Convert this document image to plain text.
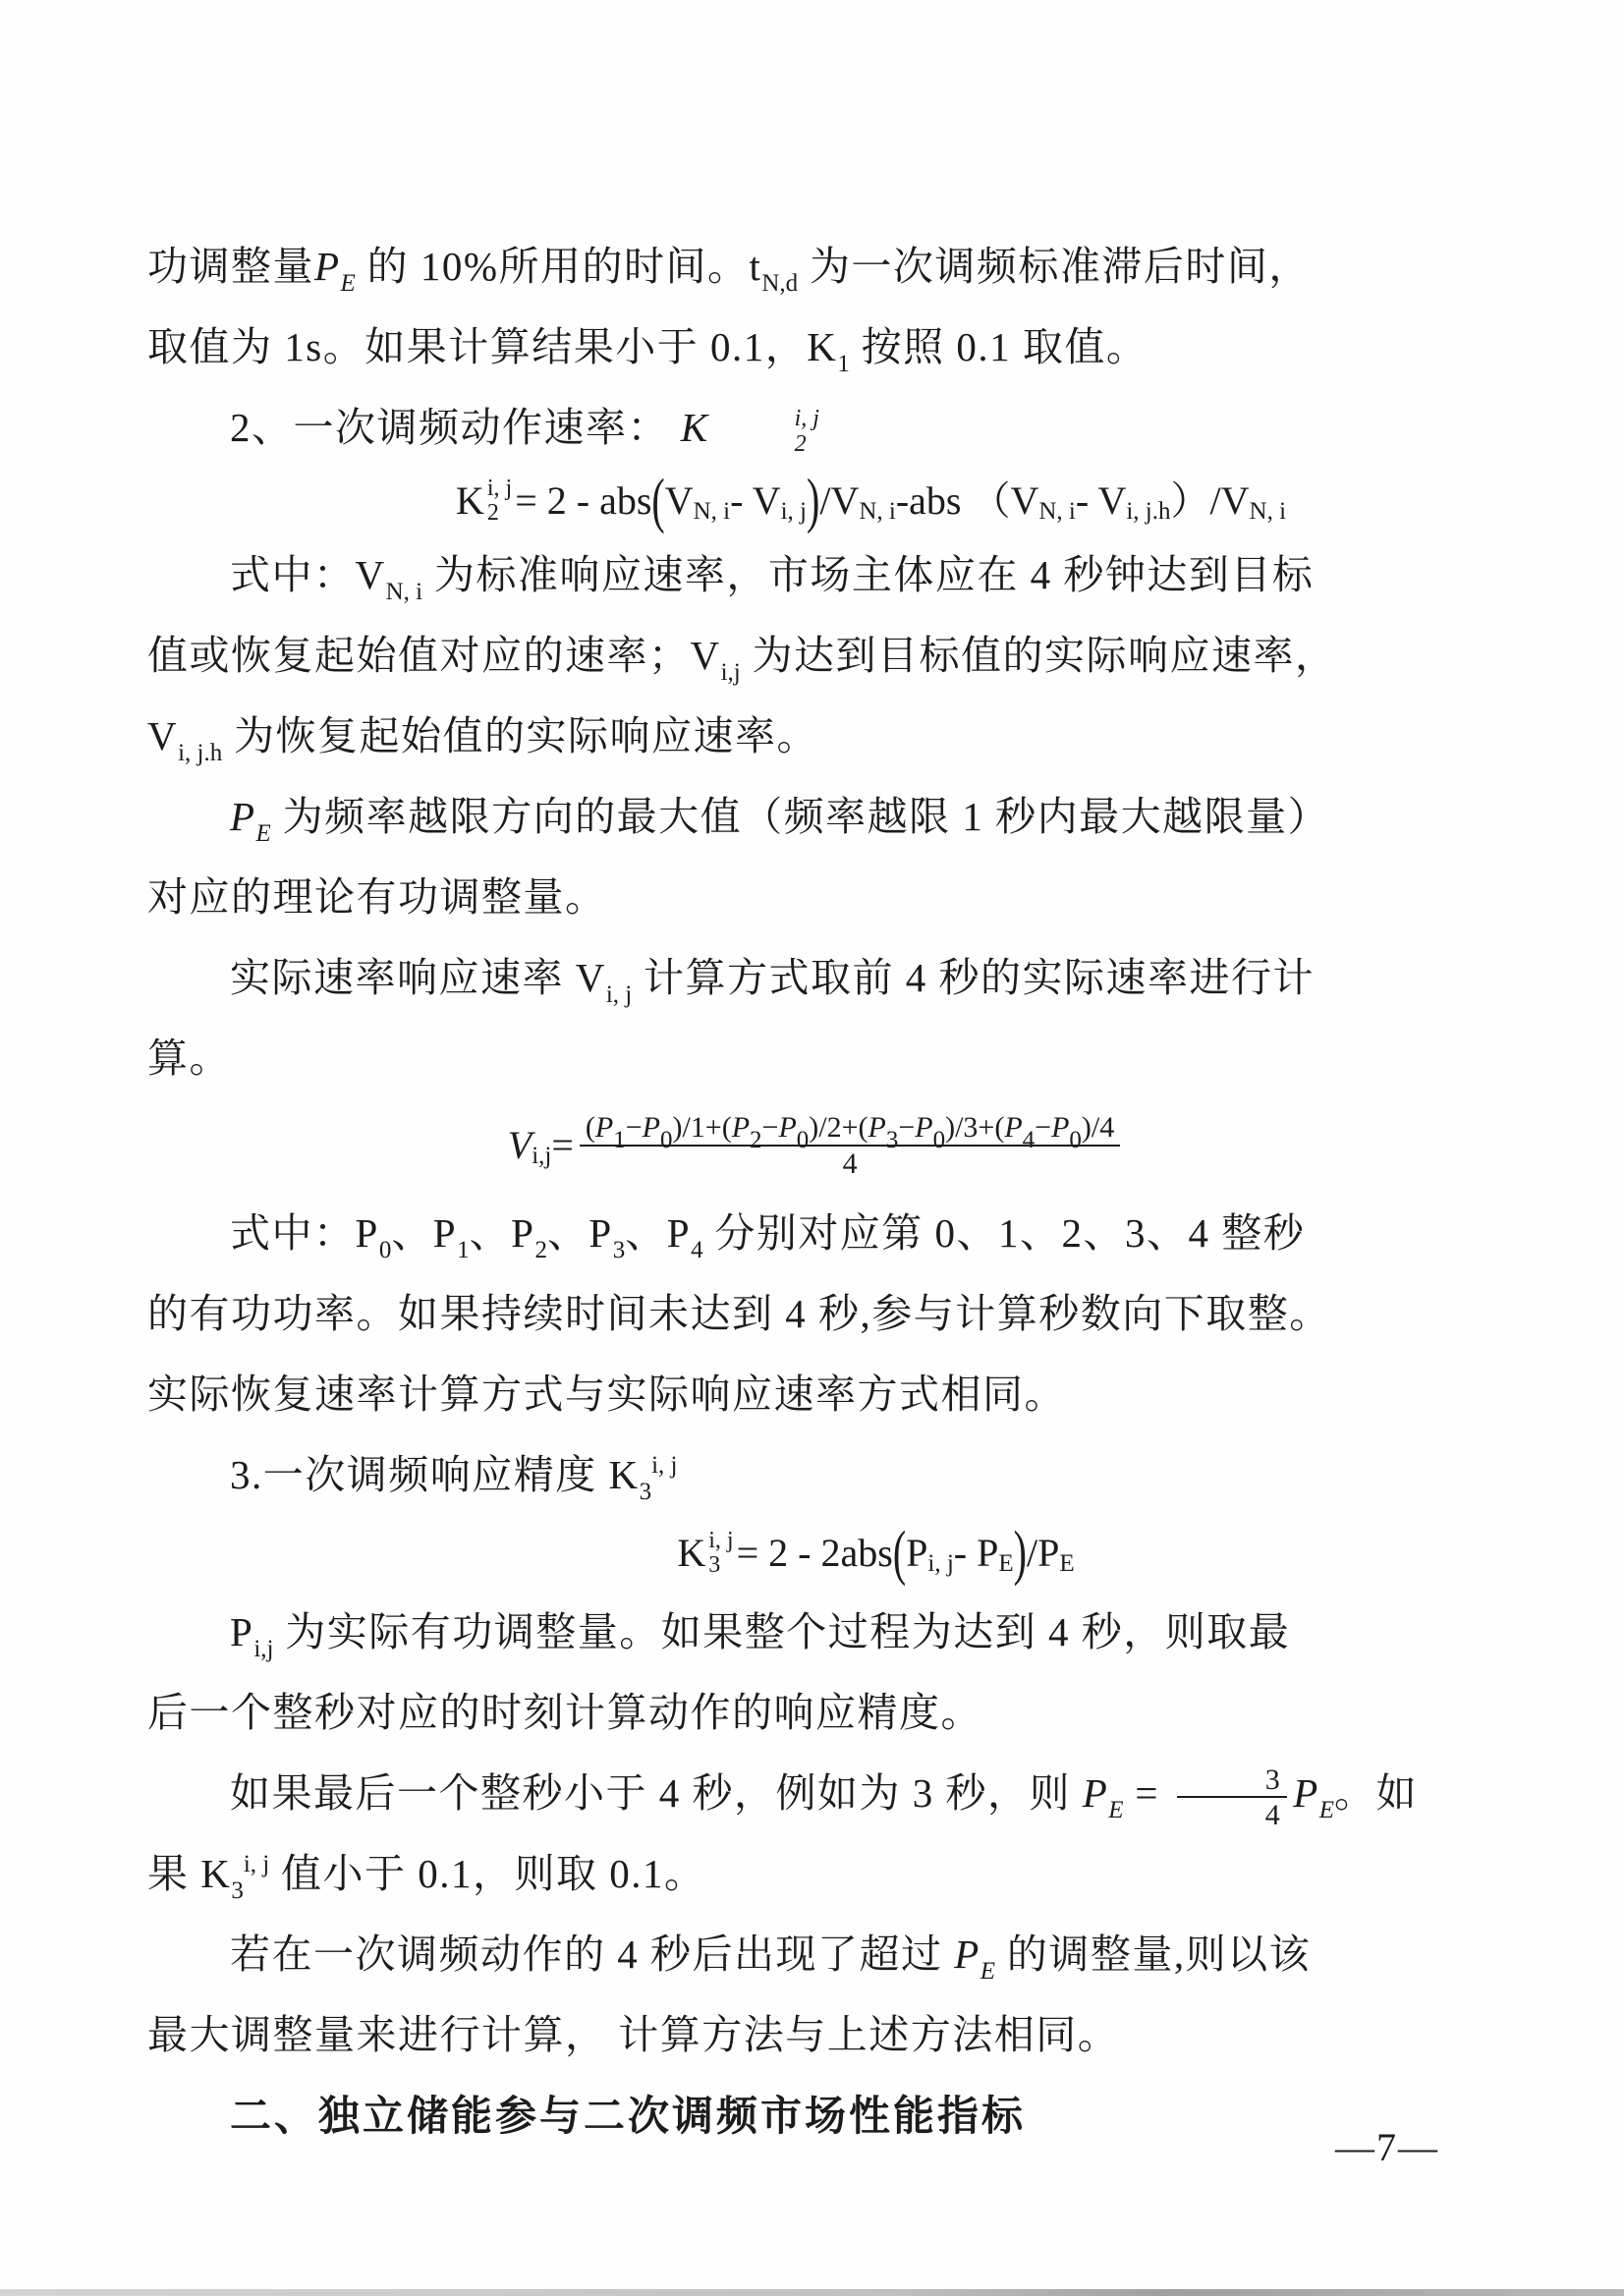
功调整量$P_E$ 的 10%所用的时间。$t_{N,d}$ 为一次调频标准滞后时间，
取值为 1s。如果计算结果小于 0.1，$K_1$ 按照 0.1 取值。
2、一次调频动作速率： K	i, j
2
K i, j
2 = 2 - abs ( V N, i - V i, j ) /V N, i -abs （V N, i - V i, j.h ）/V N, i
式中：$V_{N, i}$ 为标准响应速率，市场主体应在 4 秒钟达到目标
值或恢复起始值对应的速率；$V_{i,j}$ 为达到目标值的实际响应速率，
$V_{i, j.h}$ 为恢复起始值的实际响应速率。
$P_E$ 为频率越限方向的最大值（频率越限 1 秒内最大越限量）
对应的理论有功调整量。
实际速率响应速率 $V_{i, j}$ 计算方式取前 4 秒的实际速率进行计
算。
V $i,j = \frac{(P_1-P_0)/1+(P_2-P_0)/2+(P_3-P_0)/3+(P_4-P_0)/4}{4}$
式中：$P_0$、$P_1$、$P_2$、$P_3$、$P_4$ 分别对应第 0、1、2、3、4 整秒
的有功功率。如果持续时间未达到 4 秒,参与计算秒数向下取整。
实际恢复速率计算方式与实际响应速率方式相同。
3.一次调频响应精度 $K_3^{i, j}$
K i, j
3 = 2 - 2abs ( P i, j - P E ) /P E
$P_{i,j}$ 为实际有功调整量。如果整个过程为达到 4 秒，则取最
后一个整秒对应的时刻计算动作的响应精度。
如果最后一个整秒小于 4 秒，例如为 3 秒，则 $P_E = \frac{3}{4} P_E$。如
果 $K_3^{i, j}$ 值小于 0.1，则取 0.1。
若在一次调频动作的 4 秒后出现了超过 $P_E$ 的调整量,则以该
最大调整量来进行计算， 计算方法与上述方法相同。
二、独立储能参与二次调频市场性能指标
—7—
